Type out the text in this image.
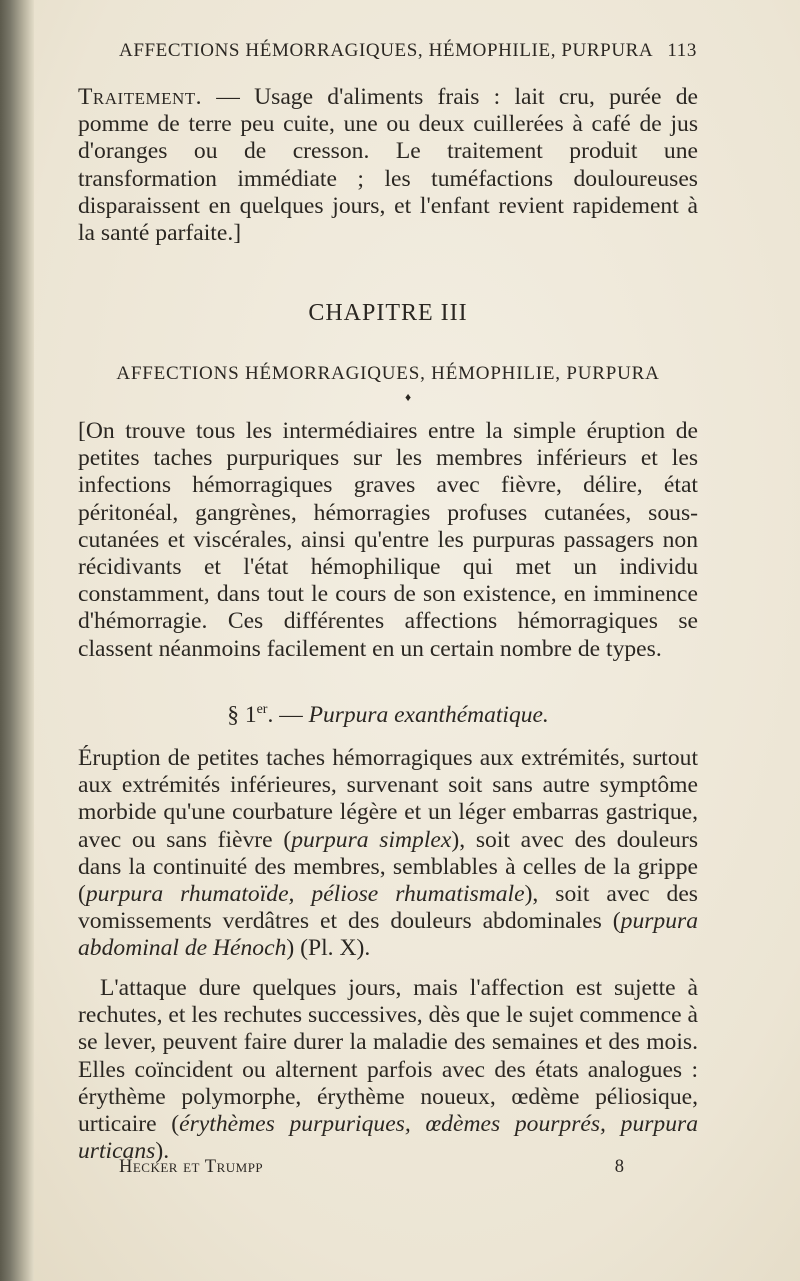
AFFECTIONS HÉMORRAGIQUES, HÉMOPHILIE, PURPURA 113

Traitement. — Usage d'aliments frais : lait cru, purée de pomme de terre peu cuite, une ou deux cuillerées à café de jus d'oranges ou de cresson. Le traitement produit une transformation immédiate ; les tuméfactions douloureuses disparaissent en quelques jours, et l'enfant revient rapidement à la santé parfaite.]

CHAPITRE III

AFFECTIONS HÉMORRAGIQUES, HÉMOPHILIE, PURPURA

♦

[On trouve tous les intermédiaires entre la simple éruption de petites taches purpuriques sur les membres inférieurs et les infections hémorragiques graves avec fièvre, délire, état péritonéal, gangrènes, hémorragies profuses cutanées, sous-cutanées et viscérales, ainsi qu'entre les purpuras passagers non récidivants et l'état hémophilique qui met un individu constamment, dans tout le cours de son existence, en imminence d'hémorragie. Ces différentes affections hémorragiques se classent néanmoins facilement en un certain nombre de types.

§ 1er. — Purpura exanthématique.

Éruption de petites taches hémorragiques aux extrémités, surtout aux extrémités inférieures, survenant soit sans autre symptôme morbide qu'une courbature légère et un léger embarras gastrique, avec ou sans fièvre (purpura simplex), soit avec des douleurs dans la continuité des membres, semblables à celles de la grippe (purpura rhumatoïde, péliose rhumatismale), soit avec des vomissements verdâtres et des douleurs abdominales (purpura abdominal de Hénoch) (Pl. X).

L'attaque dure quelques jours, mais l'affection est sujette à rechutes, et les rechutes successives, dès que le sujet commence à se lever, peuvent faire durer la maladie des semaines et des mois. Elles coïncident ou alternent parfois avec des états analogues : érythème polymorphe, érythème noueux, œdème péliosique, urticaire (érythèmes purpuriques, œdèmes pourprés, purpura urticans).

Hecker et Trumpp	8
